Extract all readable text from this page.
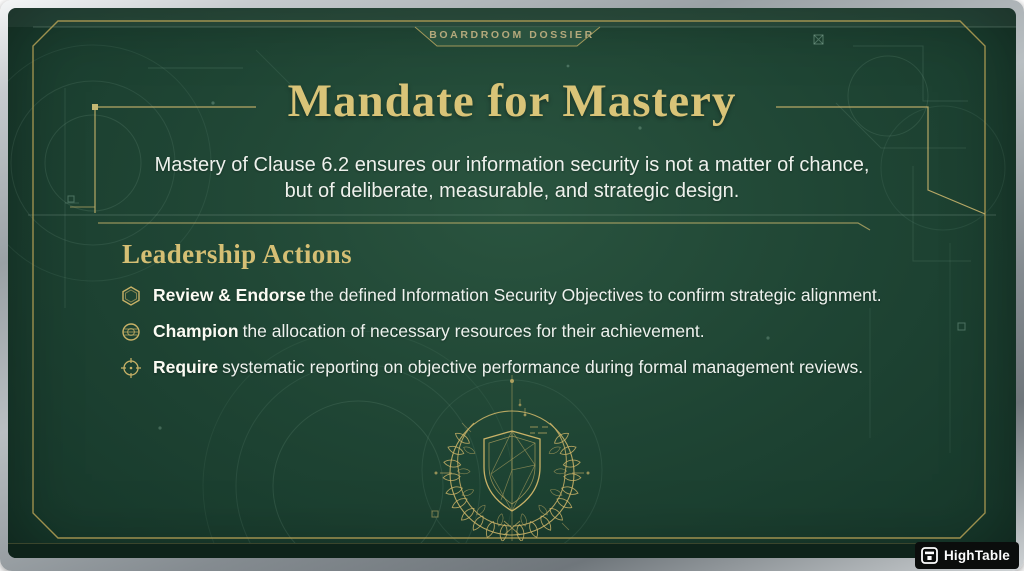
BOARDROOM DOSSIER
Mandate for Mastery
Mastery of Clause 6.2 ensures our information security is not a matter of chance, but of deliberate, measurable, and strategic design.
Leadership Actions
Review & Endorse the defined Information Security Objectives to confirm strategic alignment.
Champion the allocation of necessary resources for their achievement.
Require systematic reporting on objective performance during formal management reviews.
HighTable
